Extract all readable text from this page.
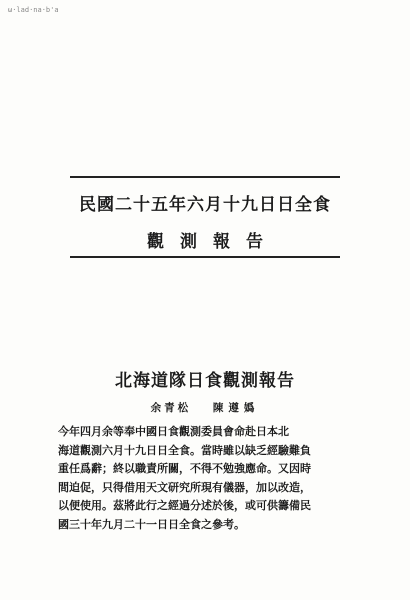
ω·lad·na·b'a
民國二十五年六月十九日日全食
觀測報告
北海道隊日食觀測報告
余青松 陳遵嬀
今年四月余等奉中國日食觀測委員會命赴日本北
海道觀測六月十九日日全食。當時雖以缺乏經驗難負
重任爲辭；終以職責所關，不得不勉強應命。又因時
間迫促，只得借用天文研究所現有儀器，加以改造，
以便使用。茲將此行之經過分述於後，或可供籌備民
國三十年九月二十一日日全食之參考。
